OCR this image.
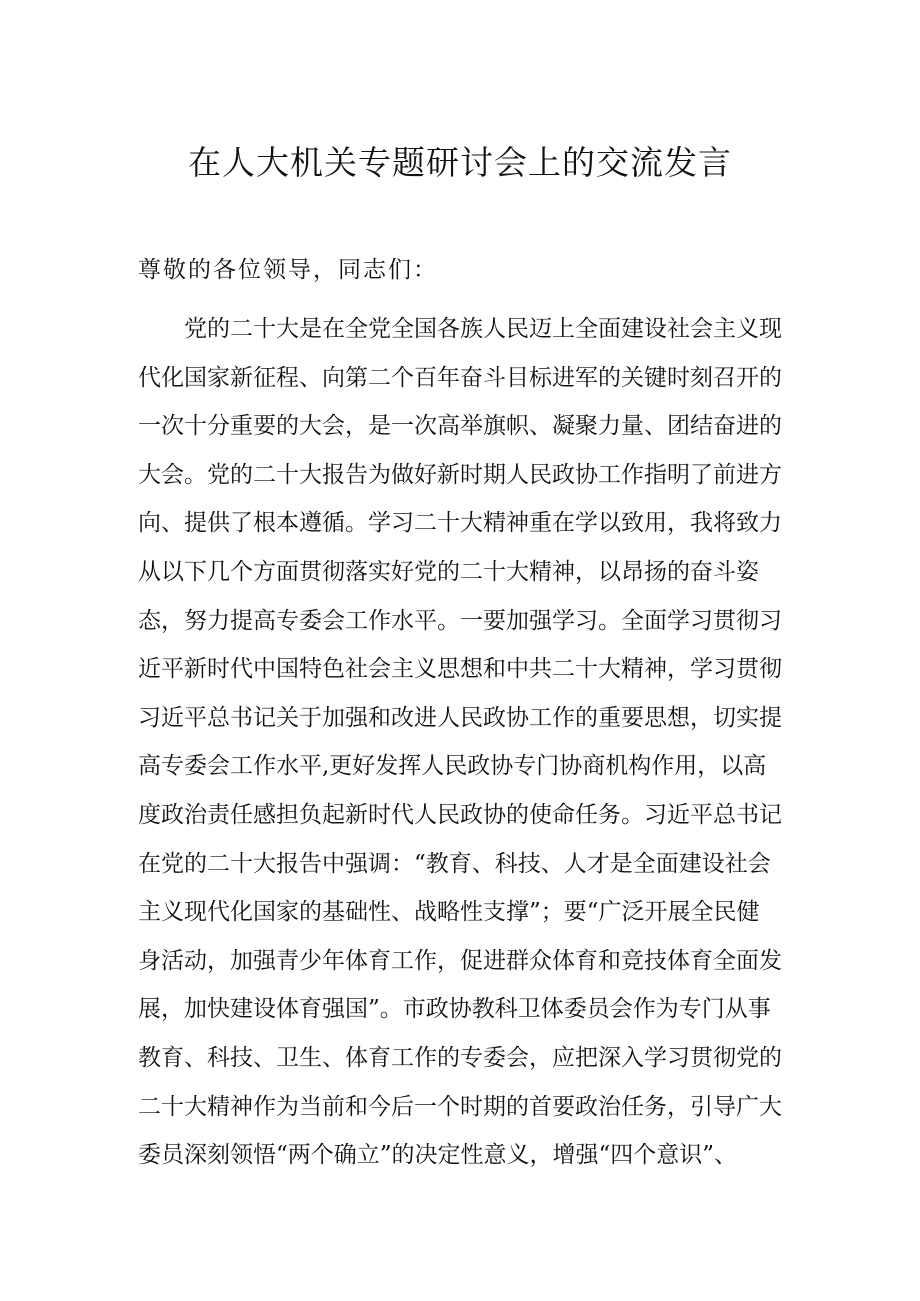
在人大机关专题研讨会上的交流发言
尊敬的各位领导，同志们：
党的二十大是在全党全国各族人民迈上全面建设社会主义现
代化国家新征程、向第二个百年奋斗目标进军的关键时刻召开的
一次十分重要的大会，是一次高举旗帜、凝聚力量、团结奋进的
大会。党的二十大报告为做好新时期人民政协工作指明了前进方
向、提供了根本遵循。学习二十大精神重在学以致用，我将致力
从以下几个方面贯彻落实好党的二十大精神，以昂扬的奋斗姿
态，努力提高专委会工作水平。一要加强学习。全面学习贯彻习
近平新时代中国特色社会主义思想和中共二十大精神，学习贯彻
习近平总书记关于加强和改进人民政协工作的重要思想，切实提
高专委会工作水平,更好发挥人民政协专门协商机构作用，以高
度政治责任感担负起新时代人民政协的使命任务。习近平总书记
在党的二十大报告中强调：“教育、科技、人才是全面建设社会
主义现代化国家的基础性、战略性支撑”；要“广泛开展全民健
身活动，加强青少年体育工作，促进群众体育和竞技体育全面发
展，加快建设体育强国”。市政协教科卫体委员会作为专门从事
教育、科技、卫生、体育工作的专委会，应把深入学习贯彻党的
二十大精神作为当前和今后一个时期的首要政治任务，引导广大
委员深刻领悟“两个确立”的决定性意义，增强“四个意识”、
